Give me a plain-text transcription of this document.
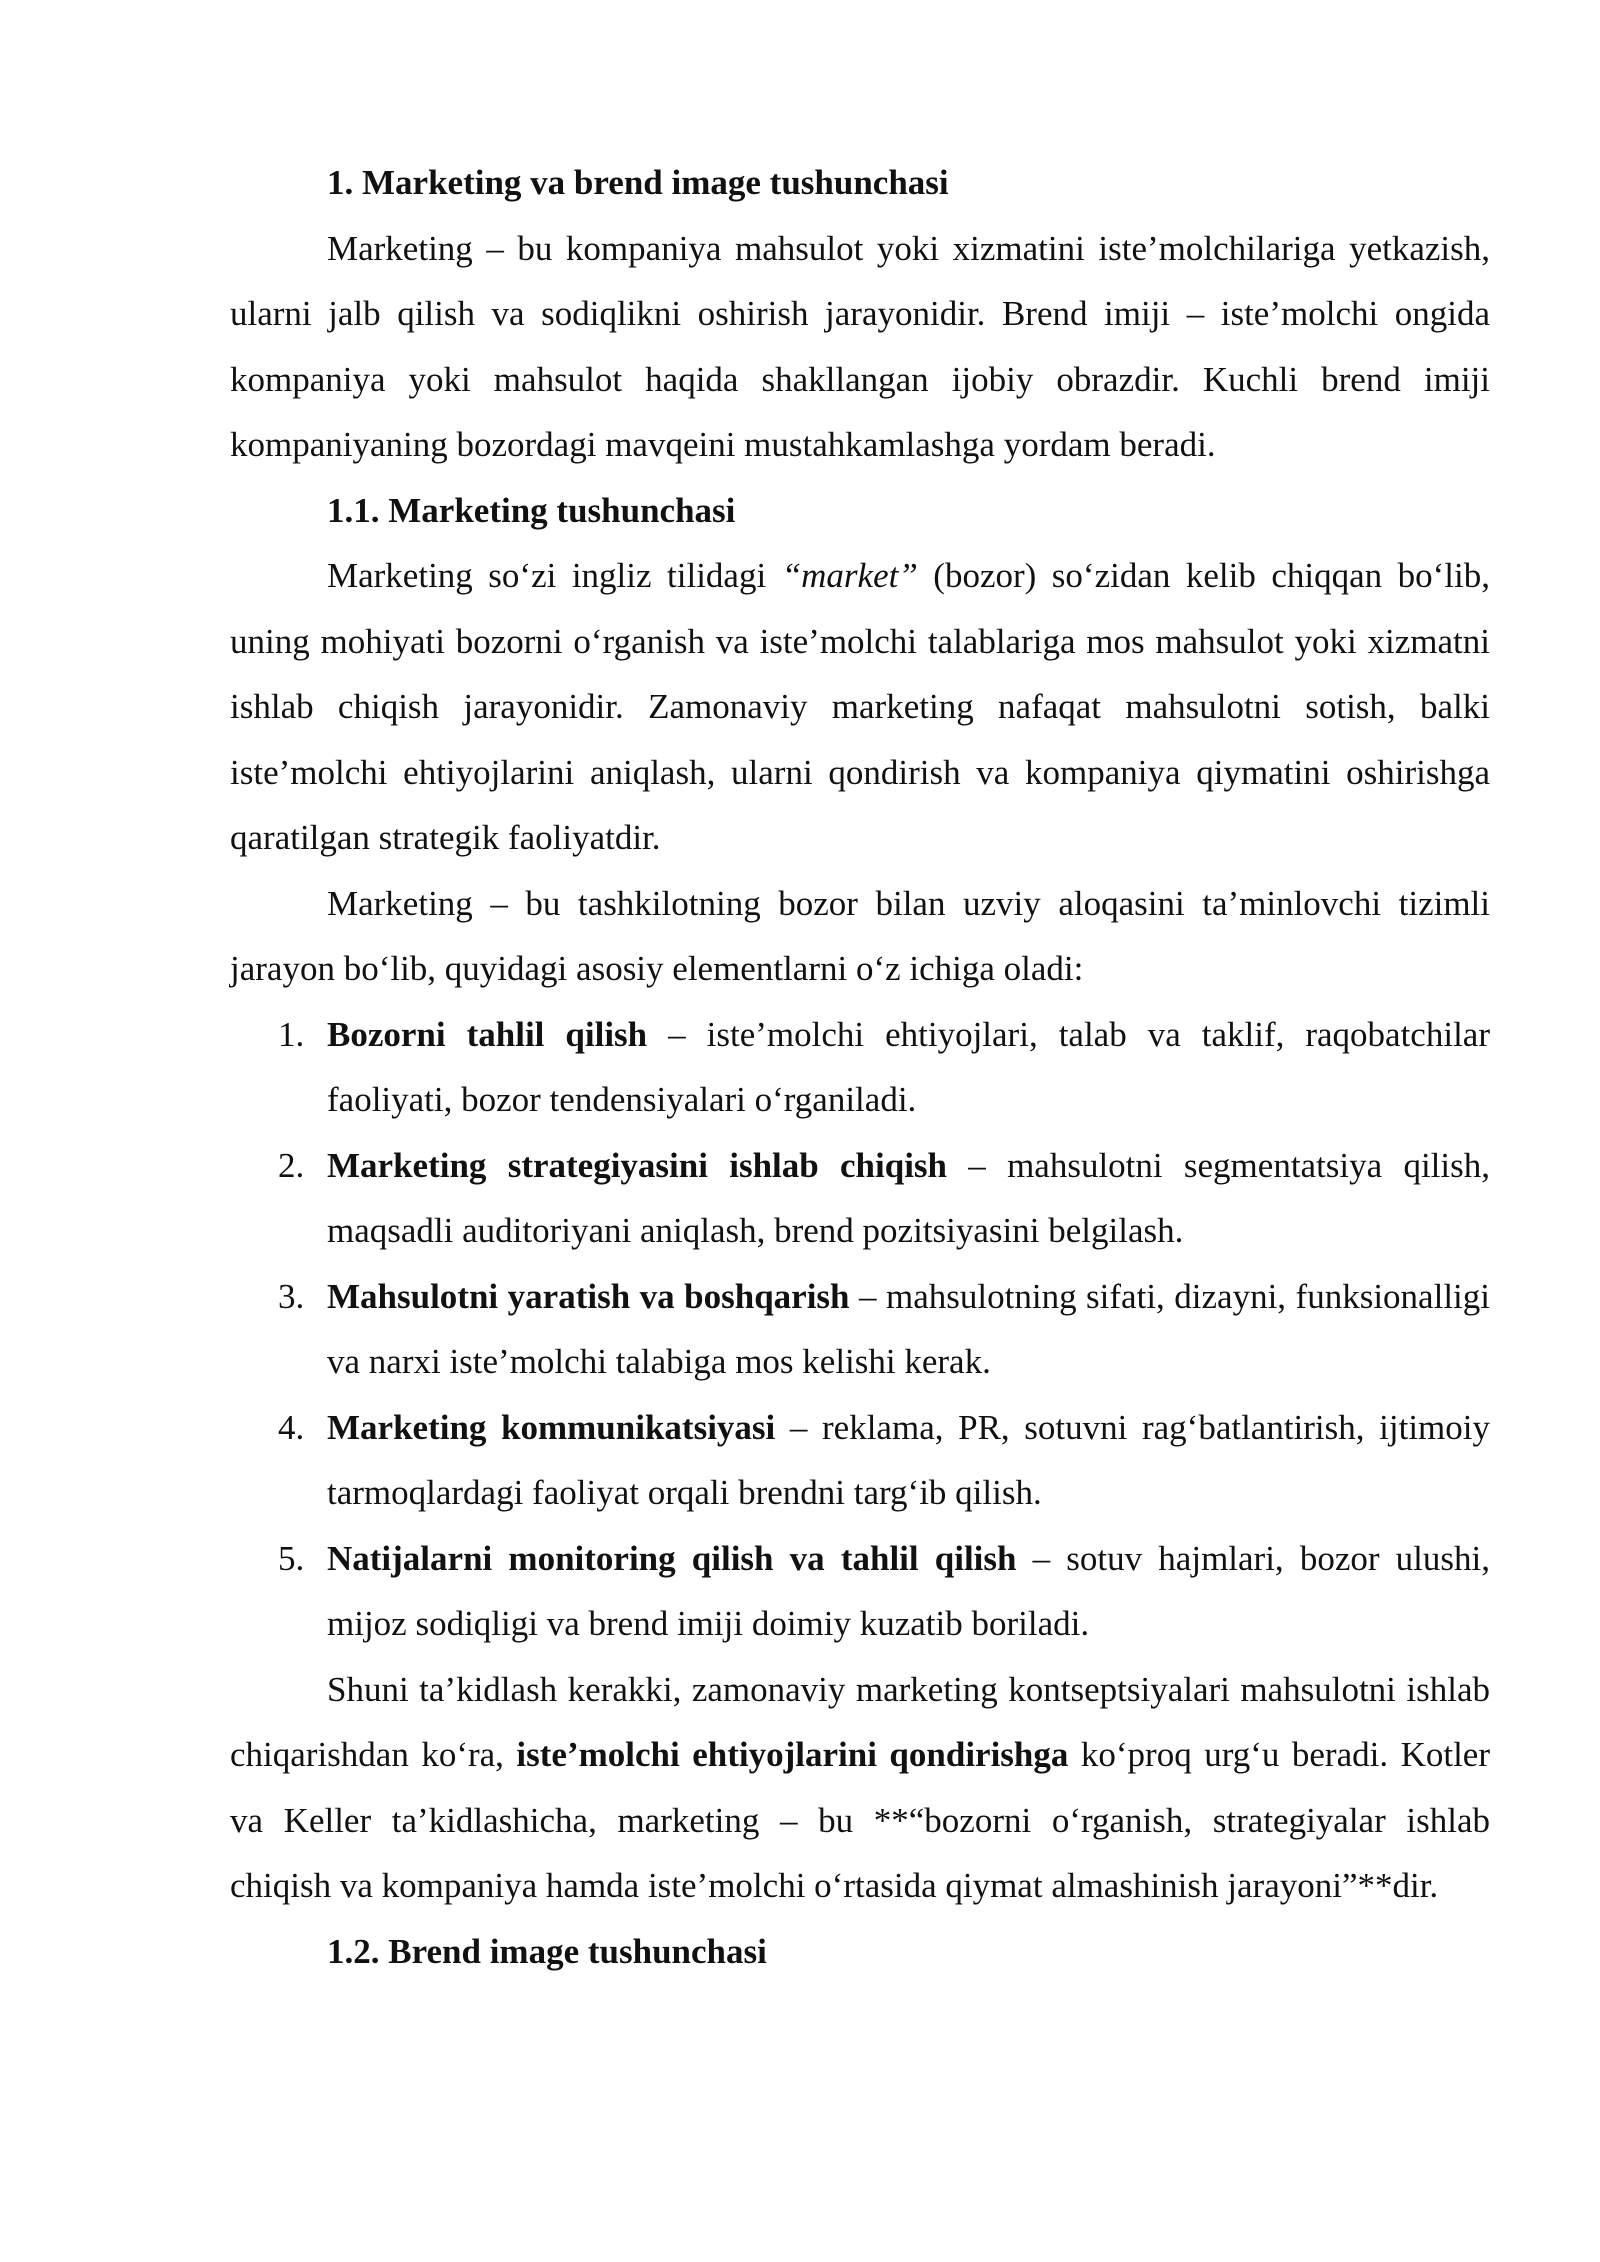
1. Marketing va brend image tushunchasi

Marketing – bu kompaniya mahsulot yoki xizmatini iste’molchilariga yetkazish, ularni jalb qilish va sodiqlikni oshirish jarayonidir. Brend imiji – iste’molchi ongida kompaniya yoki mahsulot haqida shakllangan ijobiy obrazdir. Kuchli brend imiji kompaniyaning bozordagi mavqeini mustahkamlashga yordam beradi.

1.1. Marketing tushunchasi

Marketing so‘zi ingliz tilidagi “market” (bozor) so‘zidan kelib chiqqan bo‘lib, uning mohiyati bozorni o‘rganish va iste’molchi talablariga mos mahsulot yoki xizmatni ishlab chiqish jarayonidir. Zamonaviy marketing nafaqat mahsulotni sotish, balki iste’molchi ehtiyojlarini aniqlash, ularni qondirish va kompaniya qiymatini oshirishga qaratilgan strategik faoliyatdir.

Marketing – bu tashkilotning bozor bilan uzviy aloqasini ta’minlovchi tizimli jarayon bo‘lib, quyidagi asosiy elementlarni o‘z ichiga oladi:

1. Bozorni tahlil qilish – iste’molchi ehtiyojlari, talab va taklif, raqobatchilar faoliyati, bozor tendensiyalari o‘rganiladi.
2. Marketing strategiyasini ishlab chiqish – mahsulotni segmentatsiya qilish, maqsadli auditoriyani aniqlash, brend pozitsiyasini belgilash.
3. Mahsulotni yaratish va boshqarish – mahsulotning sifati, dizayni, funksionalligi va narxi iste’molchi talabiga mos kelishi kerak.
4. Marketing kommunikatsiyasi – reklama, PR, sotuvni rag‘batlantirish, ijtimoiy tarmoqlardagi faoliyat orqali brendni targ‘ib qilish.
5. Natijalarni monitoring qilish va tahlil qilish – sotuv hajmlari, bozor ulushi, mijoz sodiqligi va brend imiji doimiy kuzatib boriladi.

Shuni ta’kidlash kerakki, zamonaviy marketing kontseptsiyalari mahsulotni ishlab chiqarishdan ko‘ra, iste’molchi ehtiyojlarini qondirishga ko‘proq urg‘u beradi. Kotler va Keller ta’kidlashicha, marketing – bu **“bozorni o‘rganish, strategiyalar ishlab chiqish va kompaniya hamda iste’molchi o‘rtasida qiymat almashinish jarayoni”**dir.

1.2. Brend image tushunchasi
